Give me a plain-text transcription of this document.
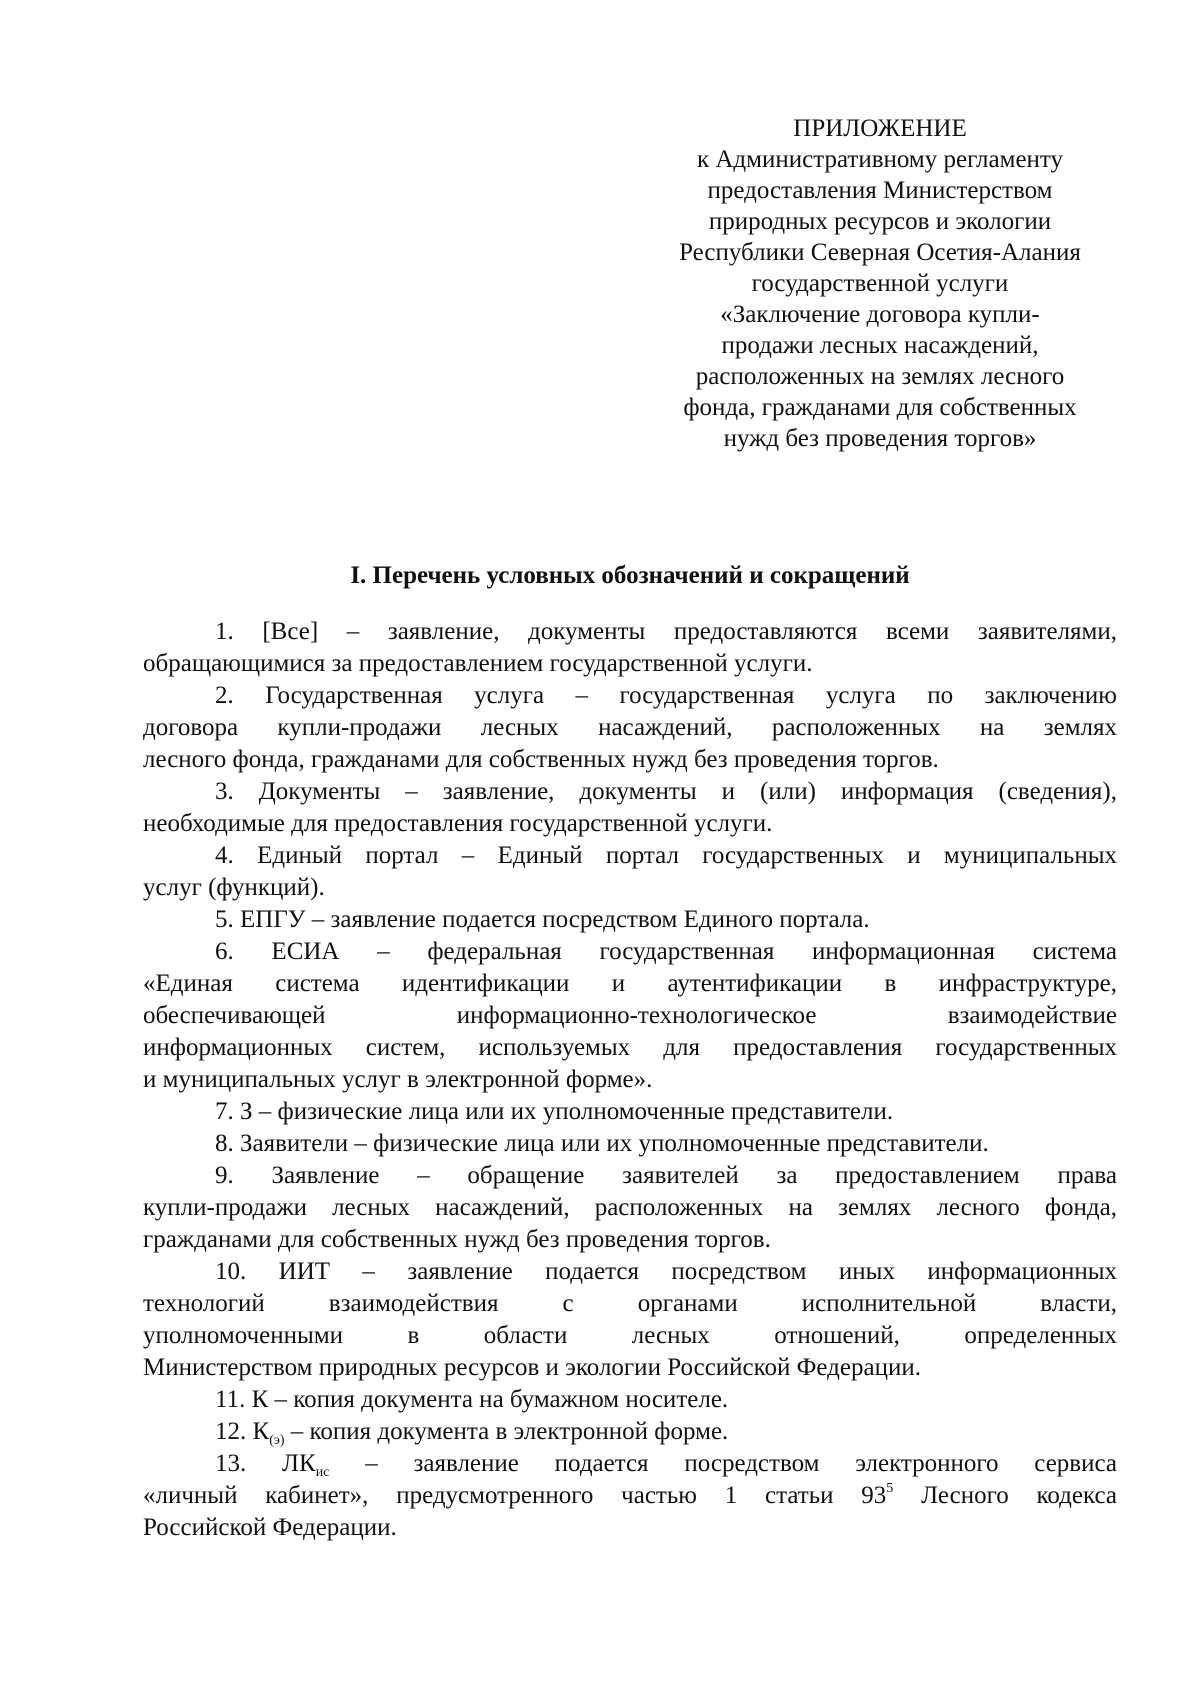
ПРИЛОЖЕНИЕ
к Административному регламенту
предоставления Министерством
природных ресурсов и экологии
Республики Северная Осетия-Алания
государственной услуги
«Заключение договора купли-
продажи лесных насаждений,
расположенных на землях лесного
фонда, гражданами для собственных
нужд без проведения торгов»
I. Перечень условных обозначений и сокращений
1. [Все] – заявление, документы предоставляются всеми заявителями,
обращающимися за предоставлением государственной услуги.
2. Государственная услуга – государственная услуга по заключению
договора купли-продажи лесных насаждений, расположенных на землях
лесного фонда, гражданами для собственных нужд без проведения торгов.
3. Документы – заявление, документы и (или) информация (сведения),
необходимые для предоставления государственной услуги.
4. Единый портал – Единый портал государственных и муниципальных
услуг (функций).
5. ЕПГУ – заявление подается посредством Единого портала.
6. ЕСИА – федеральная государственная информационная система
«Единая система идентификации и аутентификации в инфраструктуре,
обеспечивающей информационно-технологическое взаимодействие
информационных систем, используемых для предоставления государственных
и муниципальных услуг в электронной форме».
7. З – физические лица или их уполномоченные представители.
8. Заявители – физические лица или их уполномоченные представители.
9. Заявление – обращение заявителей за предоставлением права
купли-продажи лесных насаждений, расположенных на землях лесного фонда,
гражданами для собственных нужд без проведения торгов.
10. ИИТ – заявление подается посредством иных информационных
технологий взаимодействия с органами исполнительной власти,
уполномоченными в области лесных отношений, определенных
Министерством природных ресурсов и экологии Российской Федерации.
11. К – копия документа на бумажном носителе.
12. $К_{(э)}$ – копия документа в электронной форме.
13. $ЛК_{ис}$ – заявление подается посредством электронного сервиса
«личный кабинет», предусмотренного частью 1 статьи $93^5$ Лесного кодекса
Российской Федерации.
